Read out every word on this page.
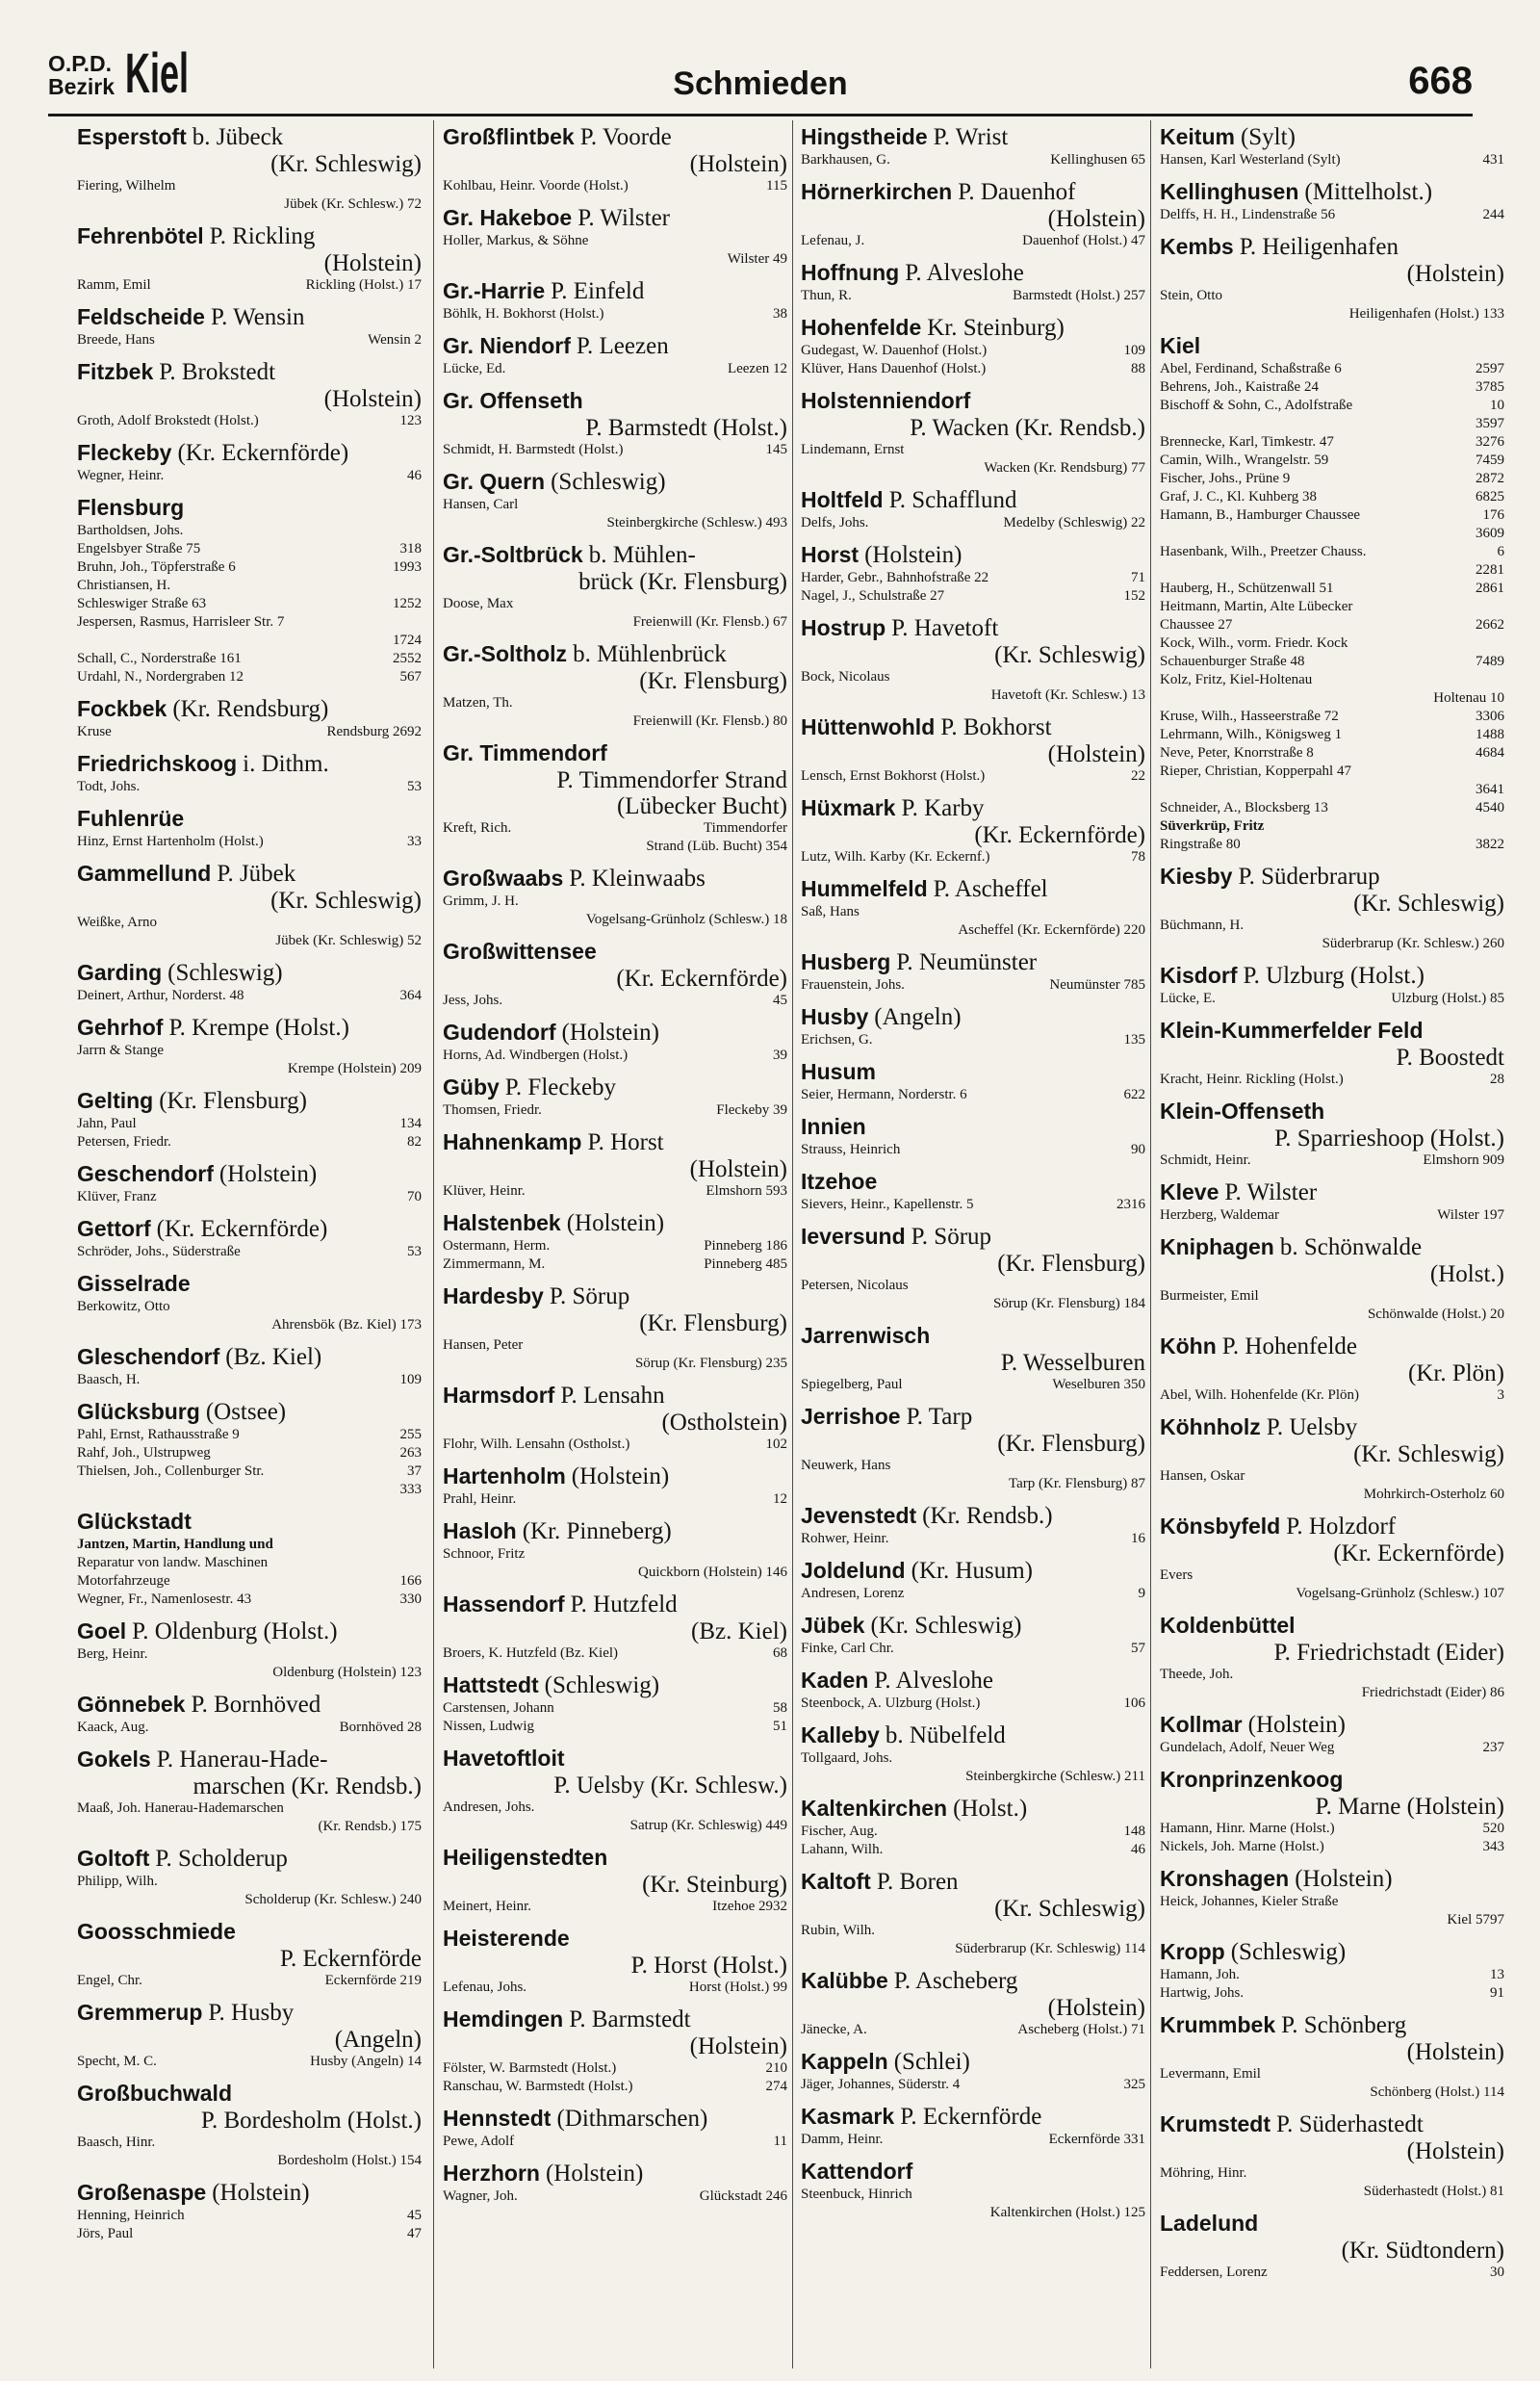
O.P.D.
Bezirk Kiel	Schmieden	668
Esperstoft b. Jübeck
(Kr. Schleswig)
Fiering, Wilhelm
Jübek (Kr. Schlesw.) 72
Fehrenbötel P. Rickling
(Holstein)
Ramm, Emil	Rickling (Holst.) 17
Feldscheide P. Wensin
Breede, Hans	Wensin 2
Fitzbek P. Brokstedt
(Holstein)
Groth, Adolf Brokstedt (Holst.)	123
Fleckeby (Kr. Eckernförde)
Wegner, Heinr.	46
Flensburg
Bartholdsen, Johs.
Engelsbyer Straße 75	318
Bruhn, Joh., Töpferstraße 6	1993
Christiansen, H.
Schleswiger Straße 63	1252
Jespersen, Rasmus, Harrisleer Str. 7
1724
Schall, C., Norderstraße 161	2552
Urdahl, N., Nordergraben 12	567
Fockbek (Kr. Rendsburg)
Kruse	Rendsburg 2692
Friedrichskoog i. Dithm.
Todt, Johs.	53
Fuhlenrüe
Hinz, Ernst Hartenholm (Holst.)	33
Gammellund P. Jübek
(Kr. Schleswig)
Weißke, Arno
Jübek (Kr. Schleswig) 52
Garding (Schleswig)
Deinert, Arthur, Norderst. 48	364
Gehrhof P. Krempe (Holst.)
Jarrn & Stange
Krempe (Holstein) 209
Gelting (Kr. Flensburg)
Jahn, Paul	134
Petersen, Friedr.	82
Geschendorf (Holstein)
Klüver, Franz	70
Gettorf (Kr. Eckernförde)
Schröder, Johs., Süderstraße	53
Gisselrade
Berkowitz, Otto
Ahrensbök (Bz. Kiel) 173
Gleschendorf (Bz. Kiel)
Baasch, H.	109
Glücksburg (Ostsee)
Pahl, Ernst, Rathausstraße 9	255
Rahf, Joh., Ulstrupweg	263
Thielsen, Joh., Collenburger Str.	37
333
Glückstadt
Jantzen, Martin, Handlung und
Reparatur von landw. Maschinen
Motorfahrzeuge	166
Wegner, Fr., Namenlosestr. 43	330
Goel P. Oldenburg (Holst.)
Berg, Heinr.
Oldenburg (Holstein) 123
Gönnebek P. Bornhöved
Kaack, Aug.	Bornhöved 28
Gokels P. Hanerau-Hade-
marschen (Kr. Rendsb.)
Maaß, Joh. Hanerau-Hademarschen
(Kr. Rendsb.) 175
Goltoft P. Scholderup
Philipp, Wilh.
Scholderup (Kr. Schlesw.) 240
Goosschmiede
P. Eckernförde
Engel, Chr.	Eckernförde 219
Gremmerup P. Husby
(Angeln)
Specht, M. C.	Husby (Angeln) 14
Großbuchwald
P. Bordesholm (Holst.)
Baasch, Hinr.
Bordesholm (Holst.) 154
Großenaspe (Holstein)
Henning, Heinrich	45
Jörs, Paul	47
Großflintbek P. Voorde
(Holstein)
Kohlbau, Heinr. Voorde (Holst.)	115
Gr. Hakeboe P. Wilster
Holler, Markus, & Söhne
Wilster 49
Gr.-Harrie P. Einfeld
Böhlk, H. Bokhorst (Holst.)	38
Gr. Niendorf P. Leezen
Lücke, Ed.	Leezen 12
Gr. Offenseth
P. Barmstedt (Holst.)
Schmidt, H. Barmstedt (Holst.)	145
Gr. Quern (Schleswig)
Hansen, Carl
Steinbergkirche (Schlesw.) 493
Gr.-Soltbrück b. Mühlen-
brück (Kr. Flensburg)
Doose, Max
Freienwill (Kr. Flensb.) 67
Gr.-Soltholz b. Mühlenbrück
(Kr. Flensburg)
Matzen, Th.
Freienwill (Kr. Flensb.) 80
Gr. Timmendorf
P. Timmendorfer Strand
(Lübecker Bucht)
Kreft, Rich.	Timmendorfer
Strand (Lüb. Bucht) 354
Großwaabs P. Kleinwaabs
Grimm, J. H.
Vogelsang-Grünholz (Schlesw.) 18
Großwittensee
(Kr. Eckernförde)
Jess, Johs.	45
Gudendorf (Holstein)
Horns, Ad. Windbergen (Holst.)	39
Güby P. Fleckeby
Thomsen, Friedr.	Fleckeby 39
Hahnenkamp P. Horst
(Holstein)
Klüver, Heinr.	Elmshorn 593
Halstenbek (Holstein)
Ostermann, Herm.	Pinneberg 186
Zimmermann, M.	Pinneberg 485
Hardesby P. Sörup
(Kr. Flensburg)
Hansen, Peter
Sörup (Kr. Flensburg) 235
Harmsdorf P. Lensahn
(Ostholstein)
Flohr, Wilh. Lensahn (Ostholst.)	102
Hartenholm (Holstein)
Prahl, Heinr.	12
Hasloh (Kr. Pinneberg)
Schnoor, Fritz
Quickborn (Holstein) 146
Hassendorf P. Hutzfeld
(Bz. Kiel)
Broers, K. Hutzfeld (Bz. Kiel)	68
Hattstedt (Schleswig)
Carstensen, Johann	58
Nissen, Ludwig	51
Havetoftloit
P. Uelsby (Kr. Schlesw.)
Andresen, Johs.
Satrup (Kr. Schleswig) 449
Heiligenstedten
(Kr. Steinburg)
Meinert, Heinr.	Itzehoe 2932
Heisterende
P. Horst (Holst.)
Lefenau, Johs.	Horst (Holst.) 99
Hemdingen P. Barmstedt
(Holstein)
Fölster, W. Barmstedt (Holst.)	210
Ranschau, W. Barmstedt (Holst.)	274
Hennstedt (Dithmarschen)
Pewe, Adolf	11
Herzhorn (Holstein)
Wagner, Joh.	Glückstadt 246
Hingstheide P. Wrist
Barkhausen, G.	Kellinghusen 65
Hörnerkirchen P. Dauenhof
(Holstein)
Lefenau, J.	Dauenhof (Holst.) 47
Hoffnung P. Alveslohe
Thun, R.	Barmstedt (Holst.) 257
Hohenfelde Kr. Steinburg)
Gudegast, W. Dauenhof (Holst.)	109
Klüver, Hans Dauenhof (Holst.)	88
Holstenniendorf
P. Wacken (Kr. Rendsb.)
Lindemann, Ernst
Wacken (Kr. Rendsburg) 77
Holtfeld P. Schafflund
Delfs, Johs.	Medelby (Schleswig) 22
Horst (Holstein)
Harder, Gebr., Bahnhofstraße 22	71
Nagel, J., Schulstraße 27	152
Hostrup P. Havetoft
(Kr. Schleswig)
Bock, Nicolaus
Havetoft (Kr. Schlesw.) 13
Hüttenwohld P. Bokhorst
(Holstein)
Lensch, Ernst Bokhorst (Holst.)	22
Hüxmark P. Karby
(Kr. Eckernförde)
Lutz, Wilh. Karby (Kr. Eckernf.)	78
Hummelfeld P. Ascheffel
Saß, Hans
Ascheffel (Kr. Eckernförde) 220
Husberg P. Neumünster
Frauenstein, Johs.	Neumünster 785
Husby (Angeln)
Erichsen, G.	135
Husum
Seier, Hermann, Norderstr. 6	622
Innien
Strauss, Heinrich	90
Itzehoe
Sievers, Heinr., Kapellenstr. 5	2316
Ieversund P. Sörup
(Kr. Flensburg)
Petersen, Nicolaus
Sörup (Kr. Flensburg) 184
Jarrenwisch
P. Wesselburen
Spiegelberg, Paul	Weselburen 350
Jerrishoe P. Tarp
(Kr. Flensburg)
Neuwerk, Hans
Tarp (Kr. Flensburg) 87
Jevenstedt (Kr. Rendsb.)
Rohwer, Heinr.	16
Joldelund (Kr. Husum)
Andresen, Lorenz	9
Jübek (Kr. Schleswig)
Finke, Carl Chr.	57
Kaden P. Alveslohe
Steenbock, A. Ulzburg (Holst.)	106
Kalleby b. Nübelfeld
Tollgaard, Johs.
Steinbergkirche (Schlesw.) 211
Kaltenkirchen (Holst.)
Fischer, Aug.	148
Lahann, Wilh.	46
Kaltoft P. Boren
(Kr. Schleswig)
Rubin, Wilh.
Süderbrarup (Kr. Schleswig) 114
Kalübbe P. Ascheberg
(Holstein)
Jänecke, A.	Ascheberg (Holst.) 71
Kappeln (Schlei)
Jäger, Johannes, Süderstr. 4	325
Kasmark P. Eckernförde
Damm, Heinr.	Eckernförde 331
Kattendorf
Steenbuck, Hinrich
Kaltenkirchen (Holst.) 125
Keitum (Sylt)
Hansen, Karl Westerland (Sylt)	431
Kellinghusen (Mittelholst.)
Delffs, H. H., Lindenstraße 56	244
Kembs P. Heiligenhafen
(Holstein)
Stein, Otto
Heiligenhafen (Holst.) 133
Kiel
Abel, Ferdinand, Schaßstraße 6	2597
Behrens, Joh., Kaistraße 24	3785
Bischoff & Sohn, C., Adolfstraße	10
3597
Brennecke, Karl, Timkestr. 47	3276
Camin, Wilh., Wrangelstr. 59	7459
Fischer, Johs., Prüne 9	2872
Graf, J. C., Kl. Kuhberg 38	6825
Hamann, B., Hamburger Chaussee	176
3609
Hasenbank, Wilh., Preetzer Chauss.	6
2281
Hauberg, H., Schützenwall 51	2861
Heitmann, Martin, Alte Lübecker
Chaussee 27	2662
Kock, Wilh., vorm. Friedr. Kock
Schauenburger Straße 48	7489
Kolz, Fritz, Kiel-Holtenau
Holtenau 10
Kruse, Wilh., Hasseerstraße 72	3306
Lehrmann, Wilh., Königsweg 1	1488
Neve, Peter, Knorrstraße 8	4684
Rieper, Christian, Kopperpahl 47
3641
Schneider, A., Blocksberg 13	4540
Süverkrüp, Fritz
Ringstraße 80	3822
Kiesby P. Süderbrarup
(Kr. Schleswig)
Büchmann, H.
Süderbrarup (Kr. Schlesw.) 260
Kisdorf P. Ulzburg (Holst.)
Lücke, E.	Ulzburg (Holst.) 85
Klein-Kummerfelder Feld
P. Boostedt
Kracht, Heinr. Rickling (Holst.)	28
Klein-Offenseth
P. Sparrieshoop (Holst.)
Schmidt, Heinr.	Elmshorn 909
Kleve P. Wilster
Herzberg, Waldemar	Wilster 197
Kniphagen b. Schönwalde
(Holst.)
Burmeister, Emil
Schönwalde (Holst.) 20
Köhn P. Hohenfelde
(Kr. Plön)
Abel, Wilh. Hohenfelde (Kr. Plön)	3
Köhnholz P. Uelsby
(Kr. Schleswig)
Hansen, Oskar
Mohrkirch-Osterholz 60
Könsbyfeld P. Holzdorf
(Kr. Eckernförde)
Evers
Vogelsang-Grünholz (Schlesw.) 107
Koldenbüttel
P. Friedrichstadt (Eider)
Theede, Joh.
Friedrichstadt (Eider) 86
Kollmar (Holstein)
Gundelach, Adolf, Neuer Weg	237
Kronprinzenkoog
P. Marne (Holstein)
Hamann, Hinr. Marne (Holst.)	520
Nickels, Joh. Marne (Holst.)	343
Kronshagen (Holstein)
Heick, Johannes, Kieler Straße
Kiel 5797
Kropp (Schleswig)
Hamann, Joh.	13
Hartwig, Johs.	91
Krummbek P. Schönberg
(Holstein)
Levermann, Emil
Schönberg (Holst.) 114
Krumstedt P. Süderhastedt
(Holstein)
Möhring, Hinr.
Süderhastedt (Holst.) 81
Ladelund
(Kr. Südtondern)
Feddersen, Lorenz	30
